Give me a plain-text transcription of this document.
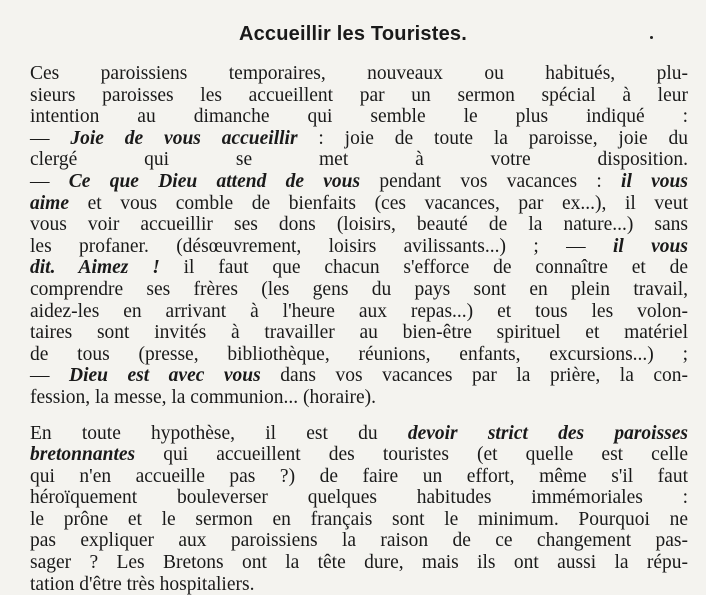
Accueillir les Touristes.
Ces paroissiens temporaires, nouveaux ou habitués, plu-
sieurs paroisses les accueillent par un sermon spécial à leur
intention au dimanche qui semble le plus indiqué :
— Joie de vous accueillir : joie de toute la paroisse, joie du
clergé qui se met à votre disposition.
— Ce que Dieu attend de vous pendant vos vacances : il vous
aime et vous comble de bienfaits (ces vacances, par ex...), il veut
vous voir accueillir ses dons (loisirs, beauté de la nature...) sans
les profaner. (désœuvrement, loisirs avilissants...) ; — il vous
dit. Aimez ! il faut que chacun s'efforce de connaître et de
comprendre ses frères (les gens du pays sont en plein travail,
aidez-les en arrivant à l'heure aux repas...) et tous les volon-
taires sont invités à travailler au bien-être spirituel et matériel
de tous (presse, bibliothèque, réunions, enfants, excursions...) ;
— Dieu est avec vous dans vos vacances par la prière, la con-
fession, la messe, la communion... (horaire).
En toute hypothèse, il est du devoir strict des paroisses
bretonnantes qui accueillent des touristes (et quelle est celle
qui n'en accueille pas ?) de faire un effort, même s'il faut
héroïquement bouleverser quelques habitudes immémoriales :
le prône et le sermon en français sont le minimum. Pourquoi ne
pas expliquer aux paroissiens la raison de ce changement pas-
sager ? Les Bretons ont la tête dure, mais ils ont aussi la répu-
tation d'être très hospitaliers.
